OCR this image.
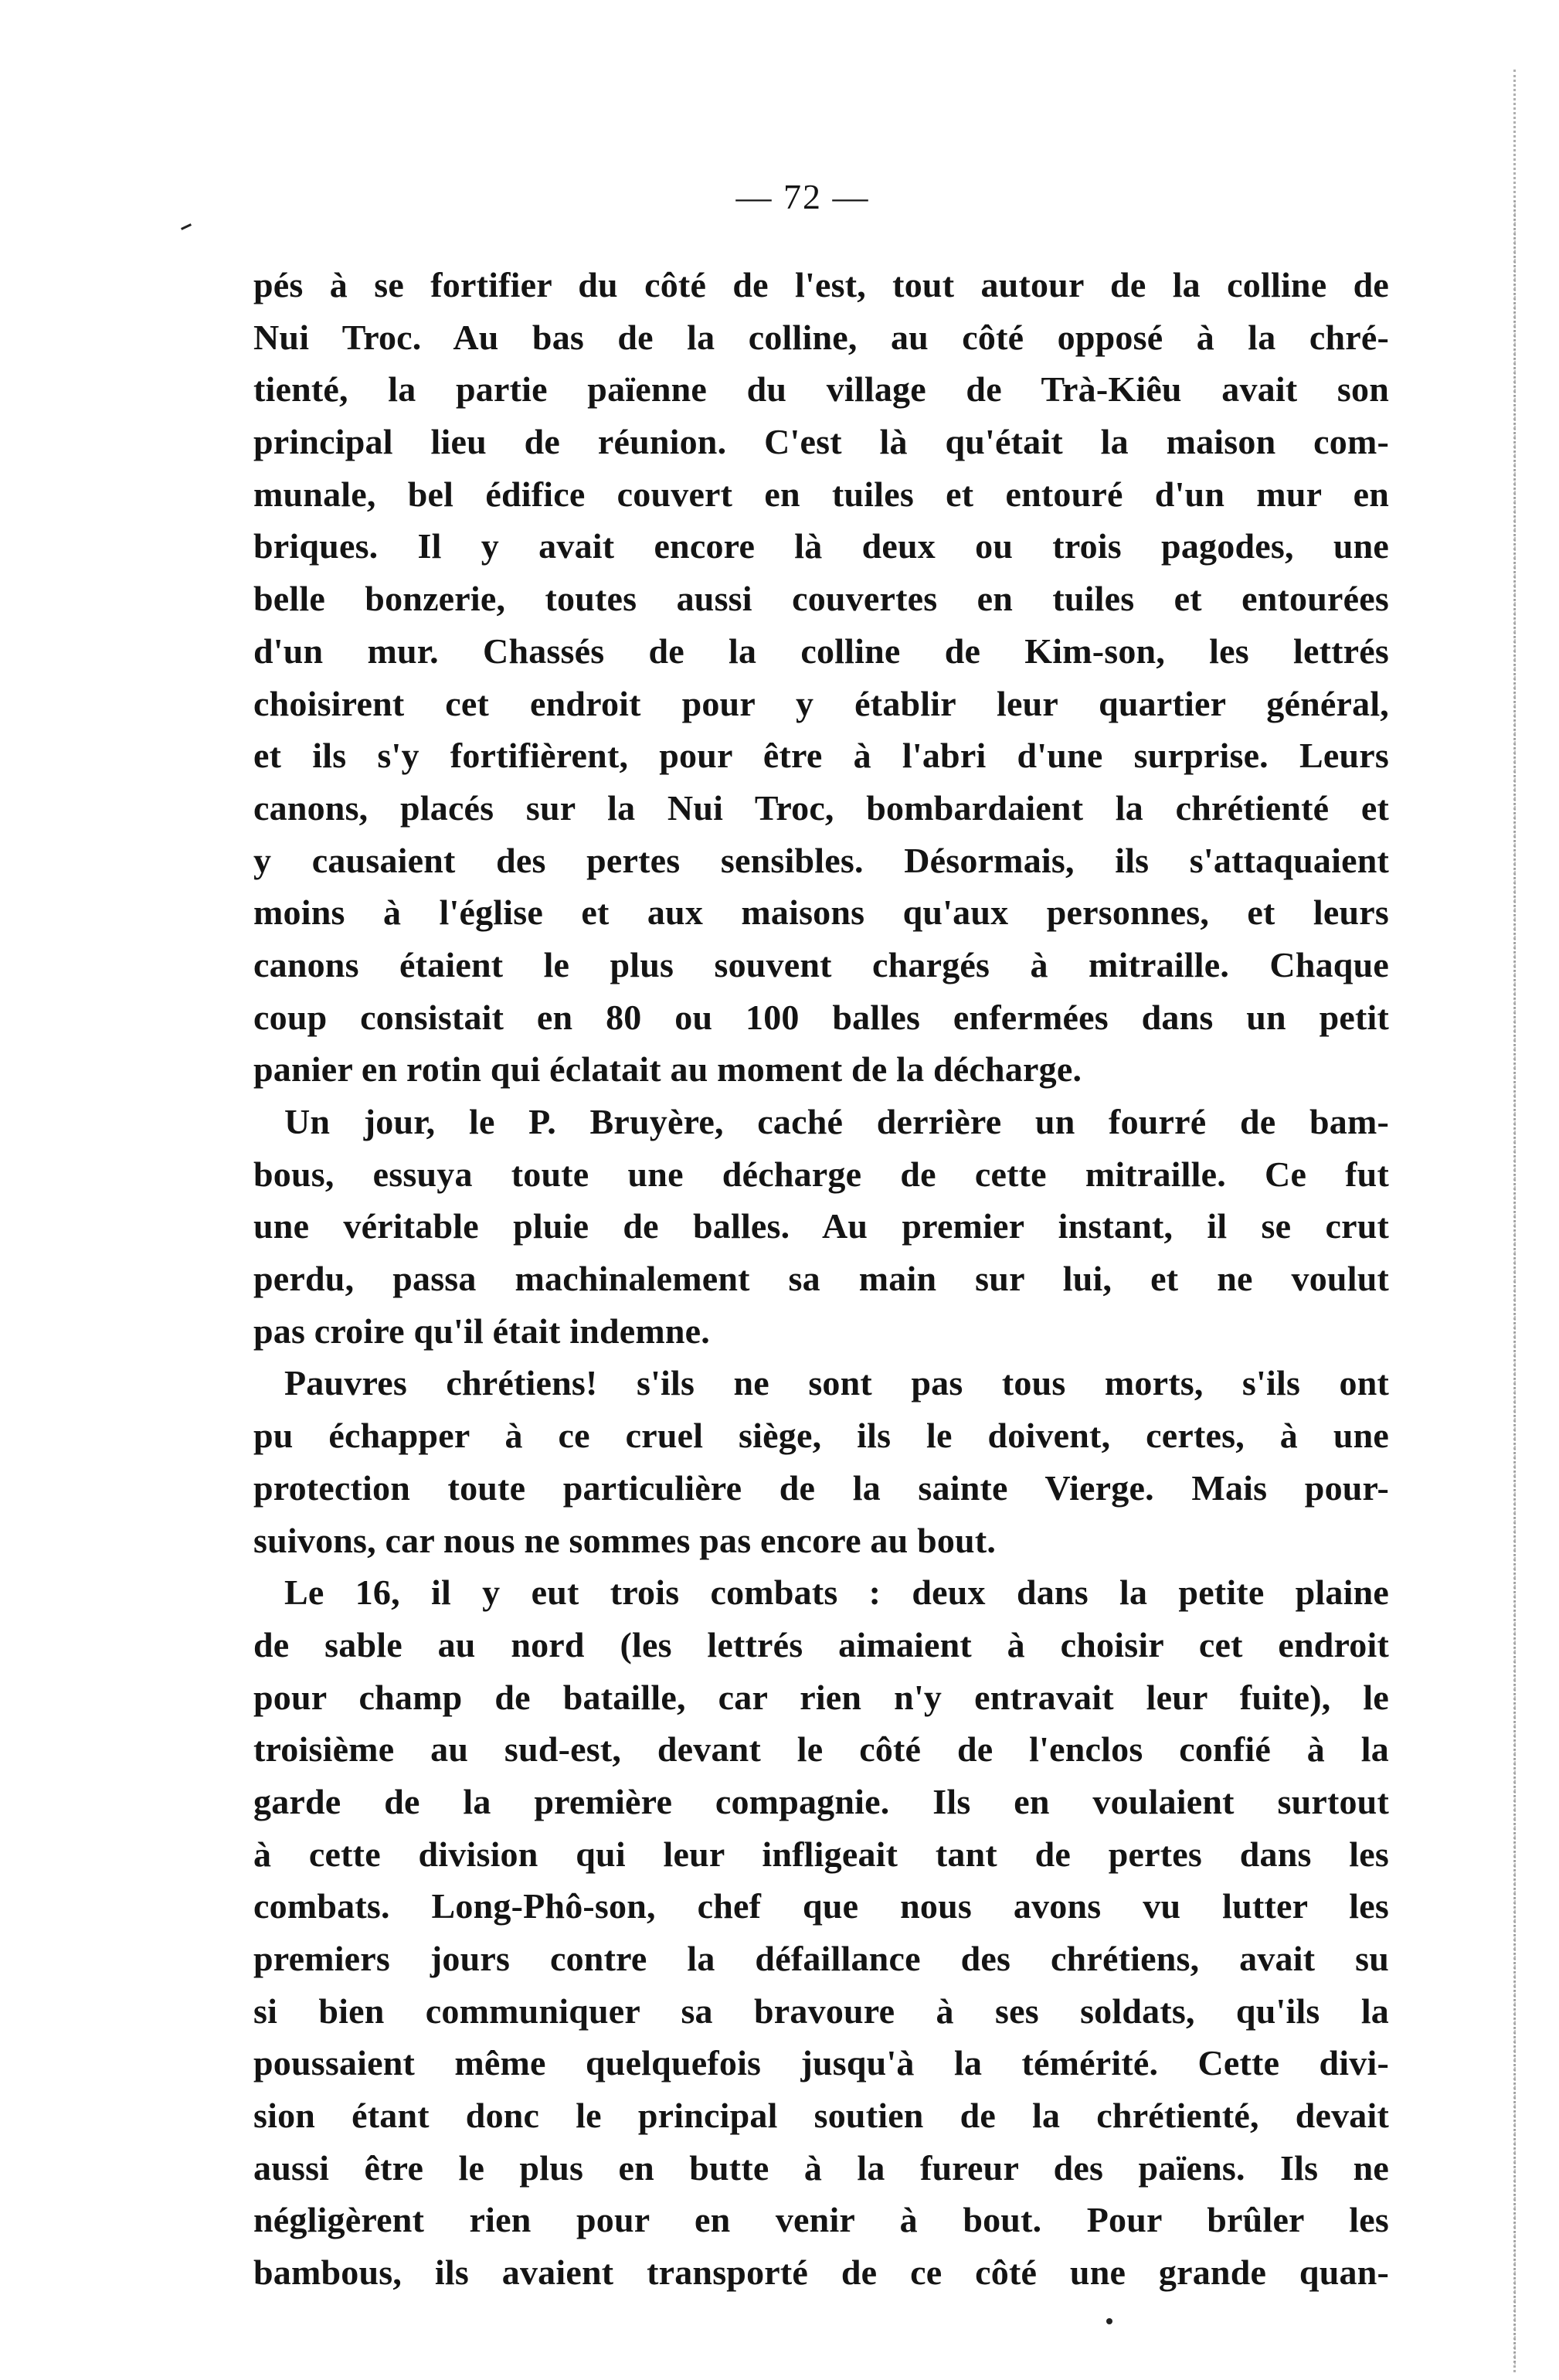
— 72 —
pés à se fortifier du côté de l'est, tout autour de la colline de
Nui Troc. Au bas de la colline, au côté opposé à la chré-
tienté, la partie païenne du village de Trà-Kiêu avait son
principal lieu de réunion. C'est là qu'était la maison com-
munale, bel édifice couvert en tuiles et entouré d'un mur en
briques. Il y avait encore là deux ou trois pagodes, une
belle bonzerie, toutes aussi couvertes en tuiles et entourées
d'un mur. Chassés de la colline de Kim-son, les lettrés
choisirent cet endroit pour y établir leur quartier général,
et ils s'y fortifièrent, pour être à l'abri d'une surprise. Leurs
canons, placés sur la Nui Troc, bombardaient la chrétienté et
y causaient des pertes sensibles. Désormais, ils s'attaquaient
moins à l'église et aux maisons qu'aux personnes, et leurs
canons étaient le plus souvent chargés à mitraille. Chaque
coup consistait en 80 ou 100 balles enfermées dans un petit
panier en rotin qui éclatait au moment de la décharge.
Un jour, le P. Bruyère, caché derrière un fourré de bam-
bous, essuya toute une décharge de cette mitraille. Ce fut
une véritable pluie de balles. Au premier instant, il se crut
perdu, passa machinalement sa main sur lui, et ne voulut
pas croire qu'il était indemne.
Pauvres chrétiens! s'ils ne sont pas tous morts, s'ils ont
pu échapper à ce cruel siège, ils le doivent, certes, à une
protection toute particulière de la sainte Vierge. Mais pour-
suivons, car nous ne sommes pas encore au bout.
Le 16, il y eut trois combats : deux dans la petite plaine
de sable au nord (les lettrés aimaient à choisir cet endroit
pour champ de bataille, car rien n'y entravait leur fuite), le
troisième au sud-est, devant le côté de l'enclos confié à la
garde de la première compagnie. Ils en voulaient surtout
à cette division qui leur infligeait tant de pertes dans les
combats. Long-Phô-son, chef que nous avons vu lutter les
premiers jours contre la défaillance des chrétiens, avait su
si bien communiquer sa bravoure à ses soldats, qu'ils la
poussaient même quelquefois jusqu'à la témérité. Cette divi-
sion étant donc le principal soutien de la chrétienté, devait
aussi être le plus en butte à la fureur des païens. Ils ne
négligèrent rien pour en venir à bout. Pour brûler les
bambous, ils avaient transporté de ce côté une grande quan-
